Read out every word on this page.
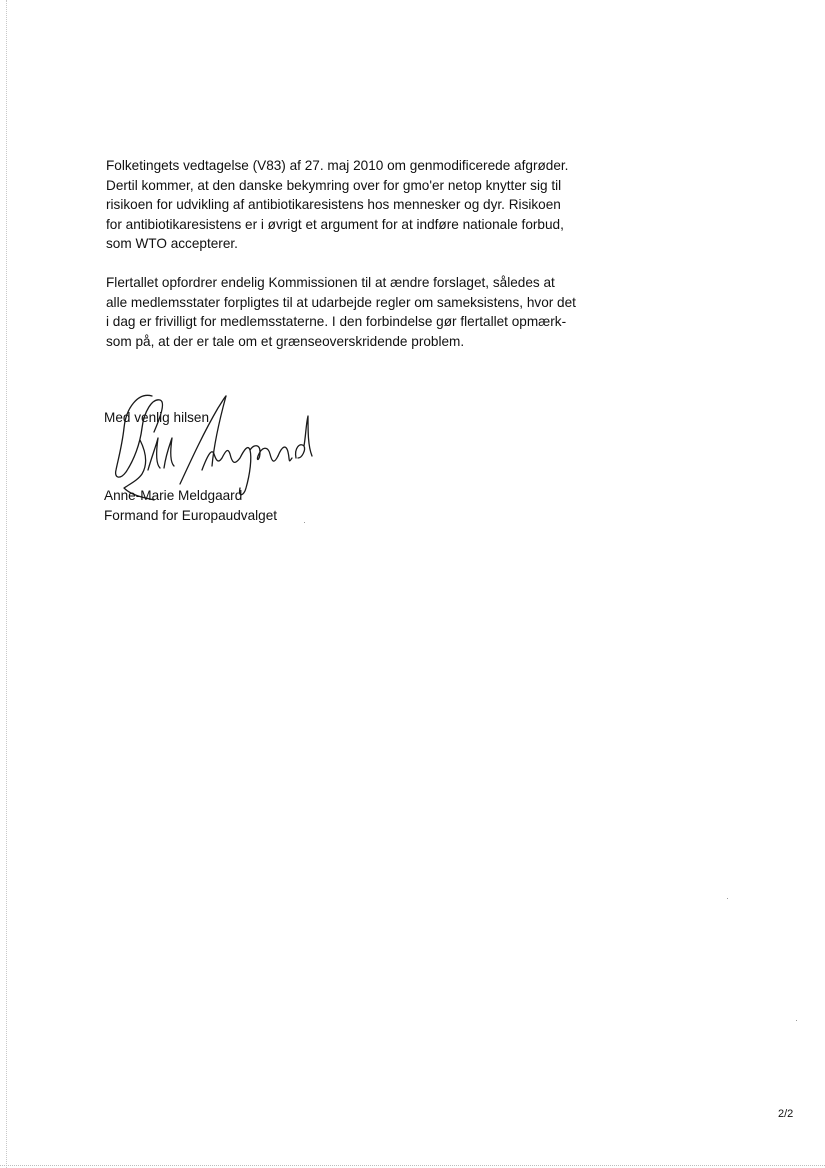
Folketingets vedtagelse (V83) af 27. maj 2010 om genmodificerede afgrøder.
Dertil kommer, at den danske bekymring over for gmo'er netop knytter sig til
risikoen for udvikling af antibiotikaresistens hos mennesker og dyr. Risikoen
for antibiotikaresistens er i øvrigt et argument for at indføre nationale forbud,
som WTO accepterer.

Flertallet opfordrer endelig Kommissionen til at ændre forslaget, således at
alle medlemsstater forpligtes til at udarbejde regler om sameksistens, hvor det
i dag er frivilligt for medlemsstaterne. I den forbindelse gør flertallet opmærk-
som på, at der er tale om et grænseoverskridende problem.

Med venlig hilsen

Anne-Marie Meldgaard

Formand for Europaudvalget

2/2
